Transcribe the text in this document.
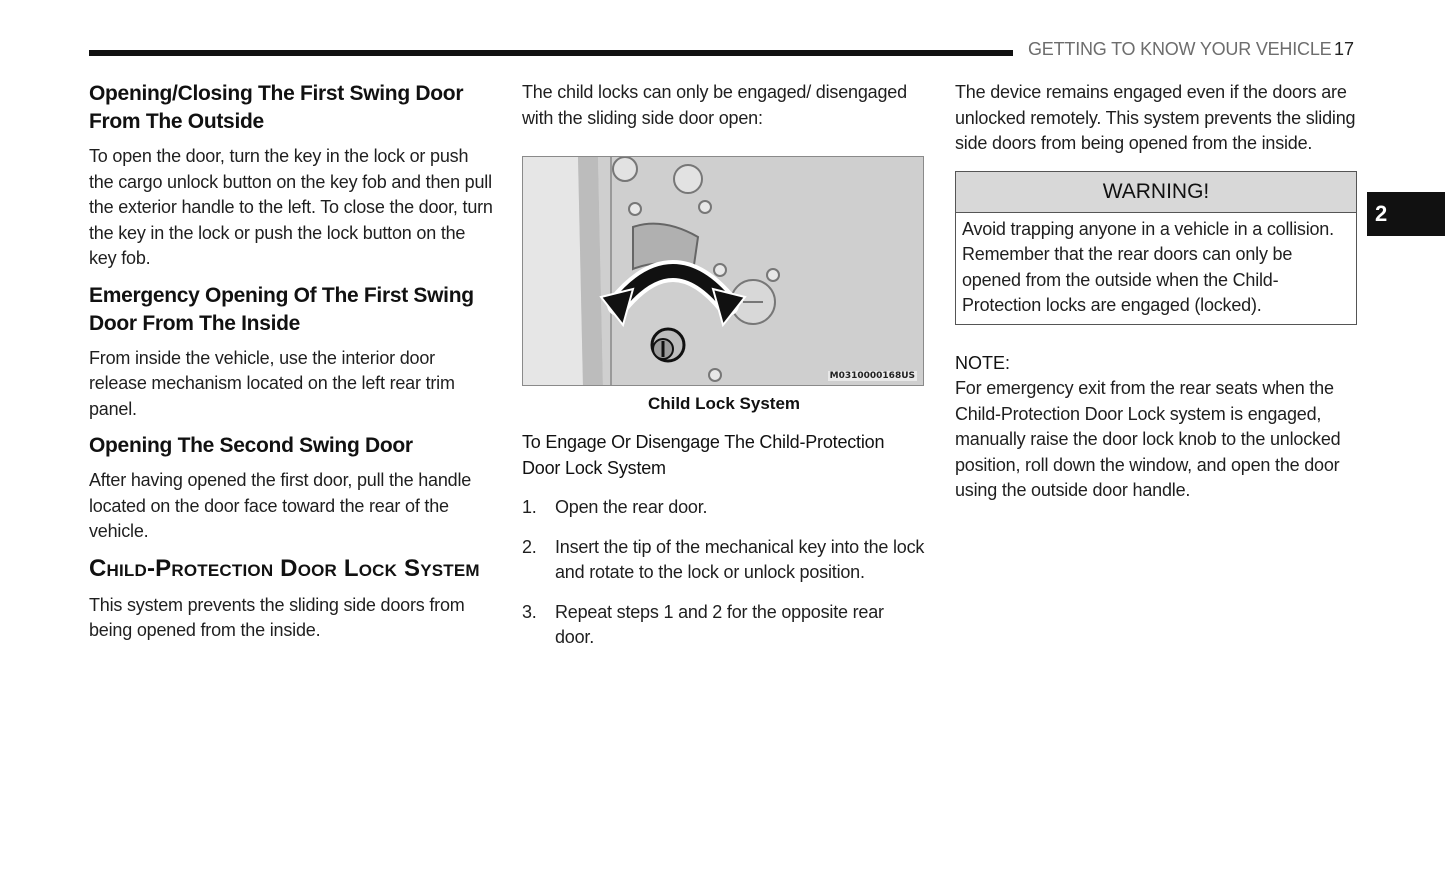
GETTING TO KNOW YOUR VEHICLE 17
2
Opening/Closing The First Swing Door From The Outside

To open the door, turn the key in the lock or push the cargo unlock button on the key fob and then pull the exterior handle to the left. To close the door, turn the key in the lock or push the lock button on the key fob.

Emergency Opening Of The First Swing Door From The Inside

From inside the vehicle, use the interior door release mechanism located on the left rear trim panel.

Opening The Second Swing Door

After having opened the first door, pull the handle located on the door face toward the rear of the vehicle.

Child-Protection Door Lock System

This system prevents the sliding side doors from being opened from the inside.

The child locks can only be engaged/ disengaged with the sliding side door open:

M0310000168US
Child Lock System

To Engage Or Disengage The Child-Protection Door Lock System

1. Open the rear door.
2. Insert the tip of the mechanical key into the lock and rotate to the lock or unlock position.
3. Repeat steps 1 and 2 for the opposite rear door.

The device remains engaged even if the doors are unlocked remotely. This system prevents the sliding side doors from being opened from the inside.

WARNING!
Avoid trapping anyone in a vehicle in a collision. Remember that the rear doors can only be opened from the outside when the Child-Protection locks are engaged (locked).
NOTE:

For emergency exit from the rear seats when the Child-Protection Door Lock system is engaged, manually raise the door lock knob to the unlocked position, roll down the window, and open the door using the outside door handle.
